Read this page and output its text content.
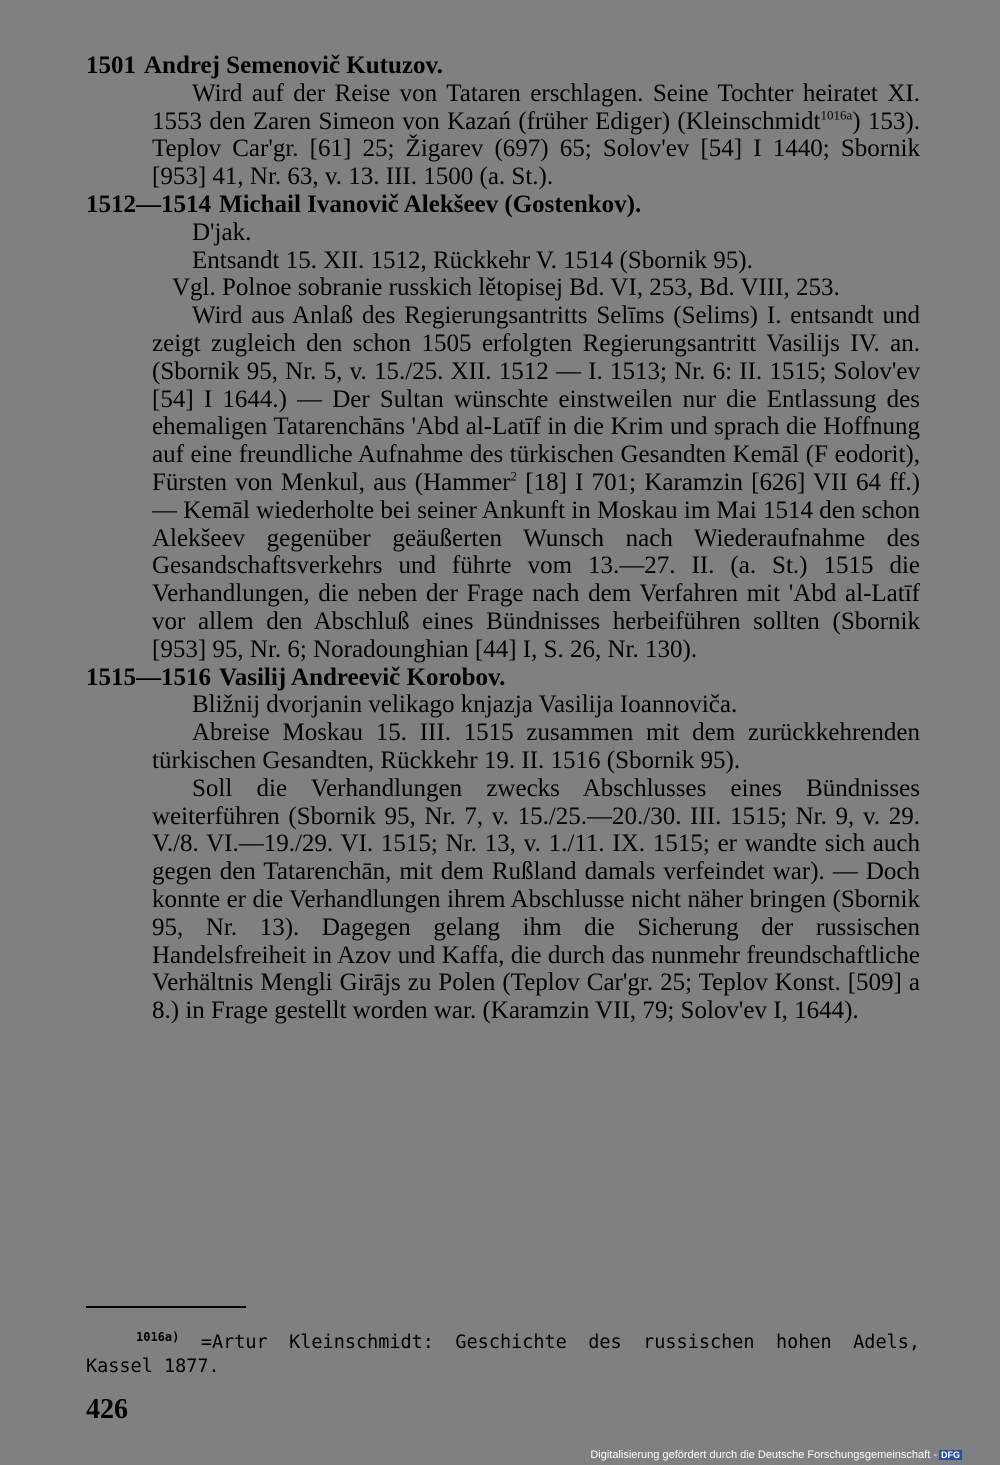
1501 Andrej Semenovič Kutuzov.

Wird auf der Reise von Tataren erschlagen. Seine Tochter heiratet XI. 1553 den Zaren Simeon von Kazań (früher Ediger) (Kleinschmidt$^{1016a}$) 153). Teplov Car'gr. [61] 25; Žigarev (697) 65; Solov'ev [54] I 1440; Sbornik [953] 41, Nr. 63, v. 13. III. 1500 (a. St.).

1512—1514 Michail Ivanovič Alekšeev (Gostenkov).

D'jak.

Entsandt 15. XII. 1512, Rückkehr V. 1514 (Sbornik 95).

Vgl. Polnoe sobranie russkich lětopisej Bd. VI, 253, Bd. VIII, 253.

Wird aus Anlaß des Regierungsantritts Selīms (Selims) I. entsandt und zeigt zugleich den schon 1505 erfolgten Regierungsantritt Vasilijs IV. an. (Sbornik 95, Nr. 5, v. 15./25. XII. 1512 — I. 1513; Nr. 6: II. 1515; Solov'ev [54] I 1644.) — Der Sultan wünschte einstweilen nur die Entlassung des ehemaligen Tatarenchāns 'Abd al-Latīf in die Krim und sprach die Hoffnung auf eine freundliche Aufnahme des türkischen Gesandten Kemāl (F eodorit), Fürsten von Menkul, aus (Hammer$^2$ [18] I 701; Karamzin [626] VII 64 ff.) — Kemāl wiederholte bei seiner Ankunft in Moskau im Mai 1514 den schon Alekšeev gegenüber geäußerten Wunsch nach Wiederaufnahme des Gesandschaftsverkehrs und führte vom 13.—27. II. (a. St.) 1515 die Verhandlungen, die neben der Frage nach dem Verfahren mit 'Abd al-Latīf vor allem den Abschluß eines Bündnisses herbeiführen sollten (Sbornik [953] 95, Nr. 6; Noradounghian [44] I, S. 26, Nr. 130).

1515—1516 Vasilij Andreevič Korobov.

Bližnij dvorjanin velikago knjazja Vasilija Ioannoviča.

Abreise Moskau 15. III. 1515 zusammen mit dem zurückkehrenden türkischen Gesandten, Rückkehr 19. II. 1516 (Sbornik 95).

Soll die Verhandlungen zwecks Abschlusses eines Bündnisses weiterführen (Sbornik 95, Nr. 7, v. 15./25.—20./30. III. 1515; Nr. 9, v. 29. V./8. VI.—19./29. VI. 1515; Nr. 13, v. 1./11. IX. 1515; er wandte sich auch gegen den Tatarenchān, mit dem Rußland damals verfeindet war). — Doch konnte er die Verhandlungen ihrem Abschlusse nicht näher bringen (Sbornik 95, Nr. 13). Dagegen gelang ihm die Sicherung der russischen Handelsfreiheit in Azov und Kaffa, die durch das nunmehr freundschaftliche Verhältnis Mengli Girājs zu Polen (Teplov Car'gr. 25; Teplov Konst. [509] a 8.) in Frage gestellt worden war. (Karamzin VII, 79; Solov'ev I, 1644).

$^{1016a)}$ =Artur Kleinschmidt: Geschichte des russischen hohen Adels, Kassel 1877.
426
Digitalisierung gefördert durch die Deutsche Forschungsgemeinschaft - DFG
